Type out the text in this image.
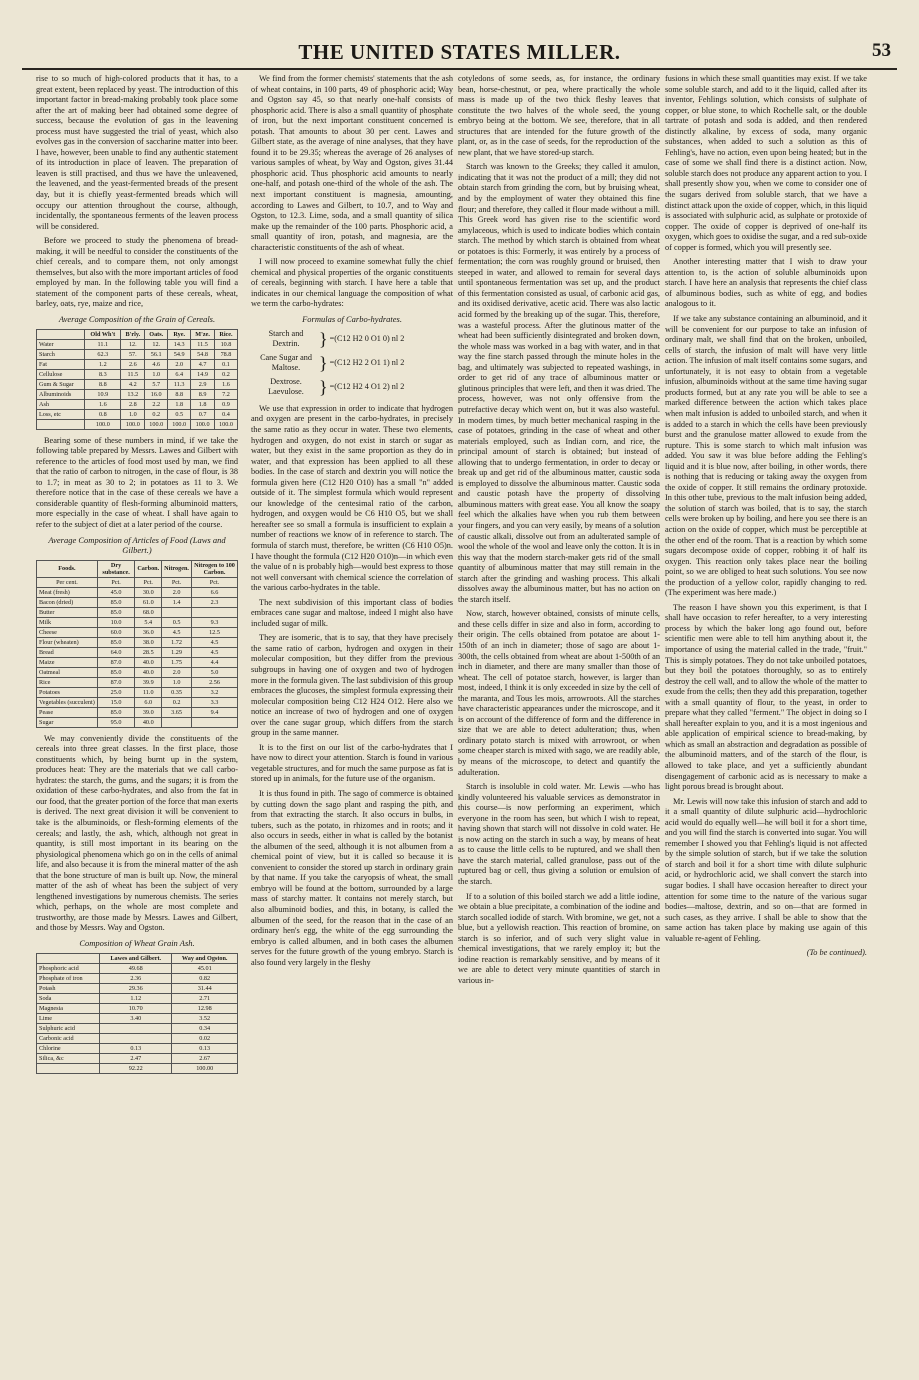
THE UNITED STATES MILLER.	53

rise to so much of high-colored products that it has, to a great extent, been replaced by yeast. The introduction of this important factor in bread-making probably took place some after the art of making beer had obtained some degree of success, because the evolution of gas in the leavening process must have suggested the trial of yeast, which also evolves gas in the conversion of saccharine matter into beer. I have, however, been unable to find any authentic statement of its introduction in place of leaven. The preparation of leaven is still practised, and thus we have the unleavened, the leavened, and the yeast-fermented breads of the present day, but it is chiefly yeast-fermented breads which will occupy our attention throughout the course, although, incidentally, the spontaneous ferments of the leaven process will be considered.

Before we proceed to study the phenomena of bread-making, it will be needful to consider the constituents of the chief cereals, and to compare them, not only amongst themselves, but also with the more important articles of food employed by man. In the following table you will find a statement of the component parts of these cereals, wheat, barley, oats, rye, maize and rice,

Average Composition of the Grain of Cereals.
	Old Wh't	B'rly.	Oats.	Rye.	M'ze.	Rice.
Water	11.1	12.	12.	14.3	11.5	10.8
Starch	62.3	57.	56.1	54.9	54.8	78.8
Fat	1.2	2.6	4.6	2.0	4.7	0.1
Cellulose	8.3	11.5	1.0	6.4	14.9	0.2
Gum & Sugar	8.8	4.2	5.7	11.3	2.9	1.6
Albuminoids	10.9	13.2	16.0	8.8	8.9	7.2
Ash	1.6	2.8	2.2	1.8	1.8	0.9
Loss, etc	0.8	1.0	0.2	0.5	0.7	0.4
	100.0	100.0	100.0	100.0	100.0	100.0

Bearing some of these numbers in mind, if we take the following table prepared by Messrs. Lawes and Gilbert with reference to the articles of food most used by man, we find that the ratio of carbon to nitrogen, in the case of flour, is 38 to 1.7; in meat as 30 to 2; in potatoes as 11 to 3. We therefore notice that in the case of these cereals we have a considerable quantity of flesh-forming albuminoid matters, more especially in the case of wheat. I shall have again to refer to the subject of diet at a later period of the course.

Average Composition of Articles of Food (Laws and Gilbert.)
Foods.	Dry substance.	Carbon.	Nitrogen.	Nitrogen to 100 Carbon.
Per cent.	Pct.	Pct.	Pct.	Pct.
Meat (fresh)	45.0	30.0	2.0	6.6
Bacon (dried)	85.0	61.0	1.4	2.3
Butter	85.0	68.0		
Milk	10.0	5.4	0.5	9.3
Cheese	60.0	36.0	4.5	12.5
Flour (wheaten)	85.0	38.0	1.72	4.5
Bread	64.0	28.5	1.29	4.5
Maize	87.0	40.0	1.75	4.4
Oatmeal	85.0	40.0	2.0	5.0
Rice	87.0	39.9	1.0	2.56
Potatoes	25.0	11.0	0.35	3.2
Vegetables (succulent)	15.0	6.0	0.2	3.3
Pease	85.0	39.0	3.65	9.4
Sugar	95.0	40.0		

We may conveniently divide the constituents of the cereals into three great classes. In the first place, those constituents which, by being burnt up in the system, produces heat: They are the materials that we call carbo-hydrates: the starch, the gums, and the sugars; it is from the oxidation of these carbo-hydrates, and also from the fat in our food, that the greater portion of the force that man exerts is derived. The next great division it will be convenient to take is the albuminoids, or flesh-forming elements of the cereals; and lastly, the ash, which, although not great in quantity, is still most important in its bearing on the physiological phenomena which go on in the cells of animal life, and also because it is from the mineral matter of the ash that the bone structure of man is built up. Now, the mineral matter of the ash of wheat has been the subject of very lengthened investigations by numerous chemists. The series which, perhaps, on the whole are most complete and trustworthy, are those made by Messrs. Lawes and Gilbert, and those by Messrs. Way and Ogston.

Composition of Wheat Grain Ash.
	Lawes and Gilbert.	Way and Ogston.
Phosphoric acid	49.68	45.01
Phosphate of iron	2.36	0.82
Potash	29.36	31.44
Soda	1.12	2.71
Magnesia	10.70	12.98
Lime	3.40	3.52
Sulphuric acid		0.34
Carbonic acid		0.02
Chlorine	0.13	0.13
Silica, &c	2.47	2.67
	92.22	100.00

We find from the former chemists' statements that the ash of wheat contains, in 100 parts, 49 of phosphoric acid; Way and Ogston say 45, so that nearly one-half consists of phosphoric acid. There is also a small quantity of phosphate of iron, but the next important constituent concerned is potash. That amounts to about 30 per cent. Lawes and Gilbert state, as the average of nine analyses, that they have found it to be 29.35; whereas the average of 26 analyses of various samples of wheat, by Way and Ogston, gives 31.44 phosphoric acid. Thus phosphoric acid amounts to nearly one-half, and potash one-third of the whole of the ash. The next important constituent is magnesia, amounting, according to Lawes and Gilbert, to 10.7, and to Way and Ogston, to 12.3. Lime, soda, and a small quantity of silica make up the remainder of the 100 parts. Phosphoric acid, a small quantity of iron, potash, and magnesia, are the characteristic constituents of the ash of wheat.

I will now proceed to examine somewhat fully the chief chemical and physical properties of the organic constituents of cereals, beginning with starch. I have here a table that indicates in our chemical language the composition of what we term the carbo-hydrates:

Formulas of Carbo-hydrates.
Starch and Dextrin.	} =(C12 H2 0 O1 0) nl 2
Cane Sugar and Maltose.	} =(C12 H2 2 O1 1) nl 2
Dextrose. Laevulose. } =(C12 H2 4 O1 2) nl 2

We use that expression in order to indicate that hydrogen and oxygen are present in the carbo-hydrates, in precisely the same ratio as they occur in water. These two elements, hydrogen and oxygen, do not exist in starch or sugar as water, but they exist in the same proportion as they do in water, and that expression has been applied to all these bodies. In the case of starch and dextrin you will notice the formula given here (C12 H20 O10) has a small "n" added outside of it. The simplest formula which would represent our knowledge of the centesimal ratio of the carbon, hydrogen, and oxygen would be C6 H10 O5, but we shall hereafter see so small a formula is insufficient to explain a number of reactions we know of in reference to starch. The formula of starch must, therefore, be written (C6 H10 O5)n. I have thought the formula (C12 H20 O10)n—in which even the value of n is probably high—would best express to those not well conversant with chemical science the correlation of the various carbo-hydrates in the table.

The next subdivision of this important class of bodies embraces cane sugar and maltose, indeed I might also have included sugar of milk.

They are isomeric, that is to say, that they have precisely the same ratio of carbon, hydrogen and oxygen in their molecular composition, but they differ from the previous subgroups in having one of oxygen and two of hydrogen more in the formula given. The last subdivision of this group embraces the glucoses, the simplest formula expressing their molecular composition being C12 H24 O12. Here also we notice an increase of two of hydrogen and one of oxygen over the cane sugar group, which differs from the starch group in the same manner.

It is to the first on our list of the carbo-hydrates that I have now to direct your attention. Starch is found in various vegetable structures, and for much the same purpose as fat is stored up in animals, for the future use of the organism.

It is thus found in pith. The sago of commerce is obtained by cutting down the sago plant and rasping the pith, and from that extracting the starch. It also occurs in bulbs, in tubers, such as the potato, in rhizomes and in roots; and it also occurs in seeds, either in what is called by the botanist the albumen of the seed, although it is not albumen from a chemical point of view, but it is called so because it is convenient to consider the stored up starch in ordinary grain by that name. If you take the caryopsis of wheat, the small embryo will be found at the bottom, surrounded by a large mass of starchy matter. It contains not merely starch, but also albuminoid bodies, and this, in botany, is called the albumen of the seed, for the reason that in the case of an ordinary hen's egg, the white of the egg surrounding the embryo is called albumen, and in both cases the albumen serves for the future growth of the young embryo. Starch is also found very largely in the fleshy

cotyledons of some seeds, as, for instance, the ordinary bean, horse-chestnut, or pea, where practically the whole mass is made up of the two thick fleshy leaves that constitute the two halves of the whole seed, the young embryo being at the bottom. We see, therefore, that in all structures that are intended for the future growth of the plant, or, as in the case of seeds, for the reproduction of the new plant, that we have stored-up starch.

Starch was known to the Greeks; they called it amulon, indicating that it was not the product of a mill; they did not obtain starch from grinding the corn, but by bruising wheat, and by the employment of water they obtained this fine flour; and therefore, they called it flour made without a mill. This Greek word has given rise to the scientific word amylaceous, which is used to indicate bodies which contain starch. The method by which starch is obtained from wheat or potatoes is this: Formerly, it was entirely by a process of fermentation; the corn was roughly ground or bruised, then steeped in water, and allowed to remain for several days until spontaneous fermentation was set up, and the product of this fermentation consisted as usual, of carbonic acid gas, and its oxidised derivative, acetic acid. There was also lactic acid formed by the breaking up of the sugar. This, therefore, was a wasteful process. After the glutinous matter of the wheat had been sufficiently disintegrated and broken down, the whole mass was worked in a bag with water, and in that way the fine starch passed through the minute holes in the bag, and ultimately was subjected to repeated washings, in order to get rid of any trace of albuminous matter or glutinous principles that were left, and then it was dried. The process, however, was not only offensive from the putrefactive decay which went on, but it was also wasteful. In modern times, by much better mechanical rasping in the case of potatoes, grinding in the case of wheat and other materials employed, such as Indian corn, and rice, the principal amount of starch is obtained; but instead of allowing that to undergo fermentation, in order to decay or break up and get rid of the albuminous matter, caustic soda is employed to dissolve the albuminous matter. Caustic soda and caustic potash have the property of dissolving albuminous matters with great ease. You all know the soapy feel which the alkalies have when you rub them between your fingers, and you can very easily, by means of a solution of caustic alkali, dissolve out from an adulterated sample of wool the whole of the wool and leave only the cotton. It is in this way that the modern starch-maker gets rid of the small quantity of albuminous matter that may still remain in the starch after the grinding and washing process. This alkali dissolves away the albuminous matter, but has no action on the starch itself.

Now, starch, however obtained, consists of minute cells, and these cells differ in size and also in form, according to their origin. The cells obtained from potatoe are about 1-150th of an inch in diameter; those of sago are about 1-300th, the cells obtained from wheat are about 1-500th of an inch in diameter, and there are many smaller than those of wheat. The cell of potatoe starch, however, is larger than most, indeed, I think it is only exceeded in size by the cell of the maranta, and Tous les mois, arrowroots. All the starches have characteristic appearances under the microscope, and it is on account of the difference of form and the difference in size that we are able to detect adulteration; thus, when ordinary potato starch is mixed with arrowroot, or when some cheaper starch is mixed with sago, we are readily able, by means of the microscope, to detect and quantify the adulteration.

Starch is insoluble in cold water. Mr. Lewis —who has kindly volunteered his valuable services as demonstrator in this course—is now performing an experiment, which everyone in the room has seen, but which I wish to repeat, having shown that starch will not dissolve in cold water. He is now acting on the starch in such a way, by means of heat as to cause the little cells to be ruptured, and we shall then have the starch material, called granulose, pass out of the ruptured bag or cell, thus giving a solution or emulsion of the starch.

If to a solution of this boiled starch we add a little iodine, we obtain a blue precipitate, a combination of the iodine and starch socalled iodide of starch. With bromine, we get, not a blue, but a yellowish reaction. This reaction of bromine, on starch is so inferior, and of such very slight value in chemical investigations, that we rarely employ it; but the iodine reaction is remarkably sensitive, and by means of it we are able to detect very minute quantities of starch in various in-

fusions in which these small quantities may exist. If we take some soluble starch, and add to it the liquid, called after its inventor, Fehlings solution, which consists of sulphate of copper, or blue stone, to which Rochelle salt, or the double tartrate of potash and soda is added, and then rendered distinctly alkaline, by excess of soda, many organic substances, when added to such a solution as this of Fehling's, have no action, even upon being heated; but in the case of some we shall find there is a distinct action. Now, soluble starch does not produce any apparent action to you. I shall presently show you, when we come to consider one of the sugars derived from soluble starch, that we have a distinct attack upon the oxide of copper, which, in this liquid is associated with sulphuric acid, as sulphate or protoxide of copper. The oxide of copper is deprived of one-half its oxygen, which goes to oxidise the sugar, and a red sub-oxide of copper is formed, which you will presently see.

Another interesting matter that I wish to draw your attention to, is the action of soluble albuminoids upon starch. I have here an analysis that represents the chief class of albuminous bodies, such as white of egg, and bodies analogous to it.

If we take any substance containing an albuminoid, and it will be convenient for our purpose to take an infusion of ordinary malt, we shall find that on the broken, unboiled, cells of starch, the infusion of malt will have very little action. The infusion of malt itself contains some sugars, and unfortunately, it is not easy to obtain from a vegetable infusion, albuminoids without at the same time having sugar products formed, but at any rate you will be able to see a marked difference between the action which takes place when malt infusion is added to unboiled starch, and when it is added to a starch in which the cells have been previously burst and the granulose matter allowed to exude from the rupture. This is some starch to which malt infusion was added. You saw it was blue before adding the Fehling's liquid and it is blue now, after boiling, in other words, there is nothing that is reducing or taking away the oxygen from the oxide of copper. It still remains the ordinary protoxide. In this other tube, previous to the malt infusion being added, the solution of starch was boiled, that is to say, the starch cells were broken up by boiling, and here you see there is an action on the oxide of copper, which must be perceptible at the other end of the room. That is a reaction by which some sugars decompose oxide of copper, robbing it of half its oxygen. This reaction only takes place near the boiling point, so we are obliged to heat such solutions. You see now the production of a yellow color, rapidly changing to red. (The experiment was here made.)

The reason I have shown you this experiment, is that I shall have occasion to refer hereafter, to a very interesting process by which the baker long ago found out, before scientific men were able to tell him anything about it, the importance of using the material called in the trade, "fruit." This is simply potatoes. They do not take unboiled potatoes, but they boil the potatoes thoroughly, so as to entirely destroy the cell wall, and to allow the whole of the matter to exude from the cells; then they add this preparation, together with a small quantity of flour, to the yeast, in order to prepare what they called "ferment." The object in doing so I shall hereafter explain to you, and it is a most ingenious and able application of empirical science to bread-making, by which as small an abstraction and degradation as possible of the albuminoid matters, and of the starch of the flour, is allowed to take place, and yet a sufficiently abundant disengagement of carbonic acid as is necessary to make a light porous bread is brought about.

Mr. Lewis will now take this infusion of starch and add to it a small quantity of dilute sulphuric acid—hydrochloric acid would do equally well—he will boil it for a short time, and you will find the starch is converted into sugar. You will remember I showed you that Fehling's liquid is not affected by the simple solution of starch, but if we take the solution of starch and boil it for a short time with dilute sulphuric acid, or hydrochloric acid, we shall convert the starch into sugar bodies. I shall have occasion hereafter to direct your attention for some time to the nature of the various sugar bodies—maltose, dextrin, and so on—that are formed in such cases, as they arrive. I shall be able to show that the same action has taken place by making use again of this valuable re-agent of Fehling.

(To be continued).
